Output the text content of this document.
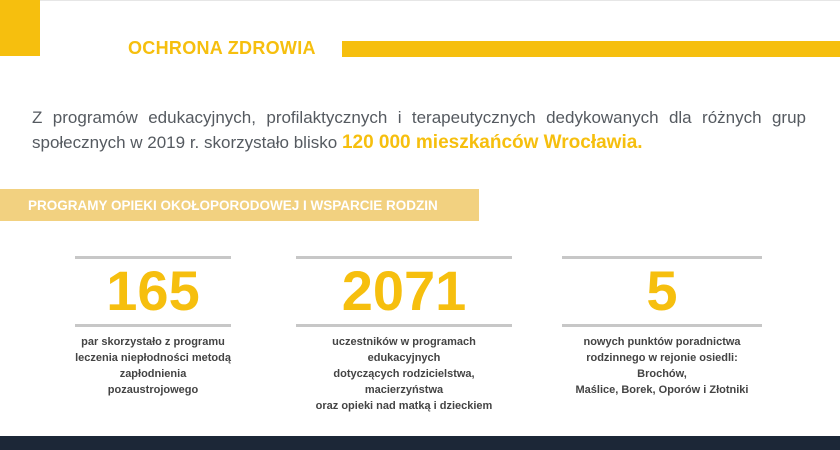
OCHRONA ZDROWIA
Z programów edukacyjnych, profilaktycznych i terapeutycznych dedykowanych dla różnych grup społecznych w 2019 r. skorzystało blisko 120 000 mieszkańców Wrocławia.
PROGRAMY OPIEKI OKOŁOPORODOWEJ I WSPARCIE RODZIN
165
par skorzystało z programu
leczenia niepłodności metodą
zapłodnienia pozaustrojowego
2071
uczestników w programach edukacyjnych
dotyczących rodzicielstwa, macierzyństwa
oraz opieki nad matką i dzieckiem
5
nowych punktów poradnictwa
rodzinnego w rejonie osiedli: Brochów,
Maślice, Borek, Oporów i Złotniki
